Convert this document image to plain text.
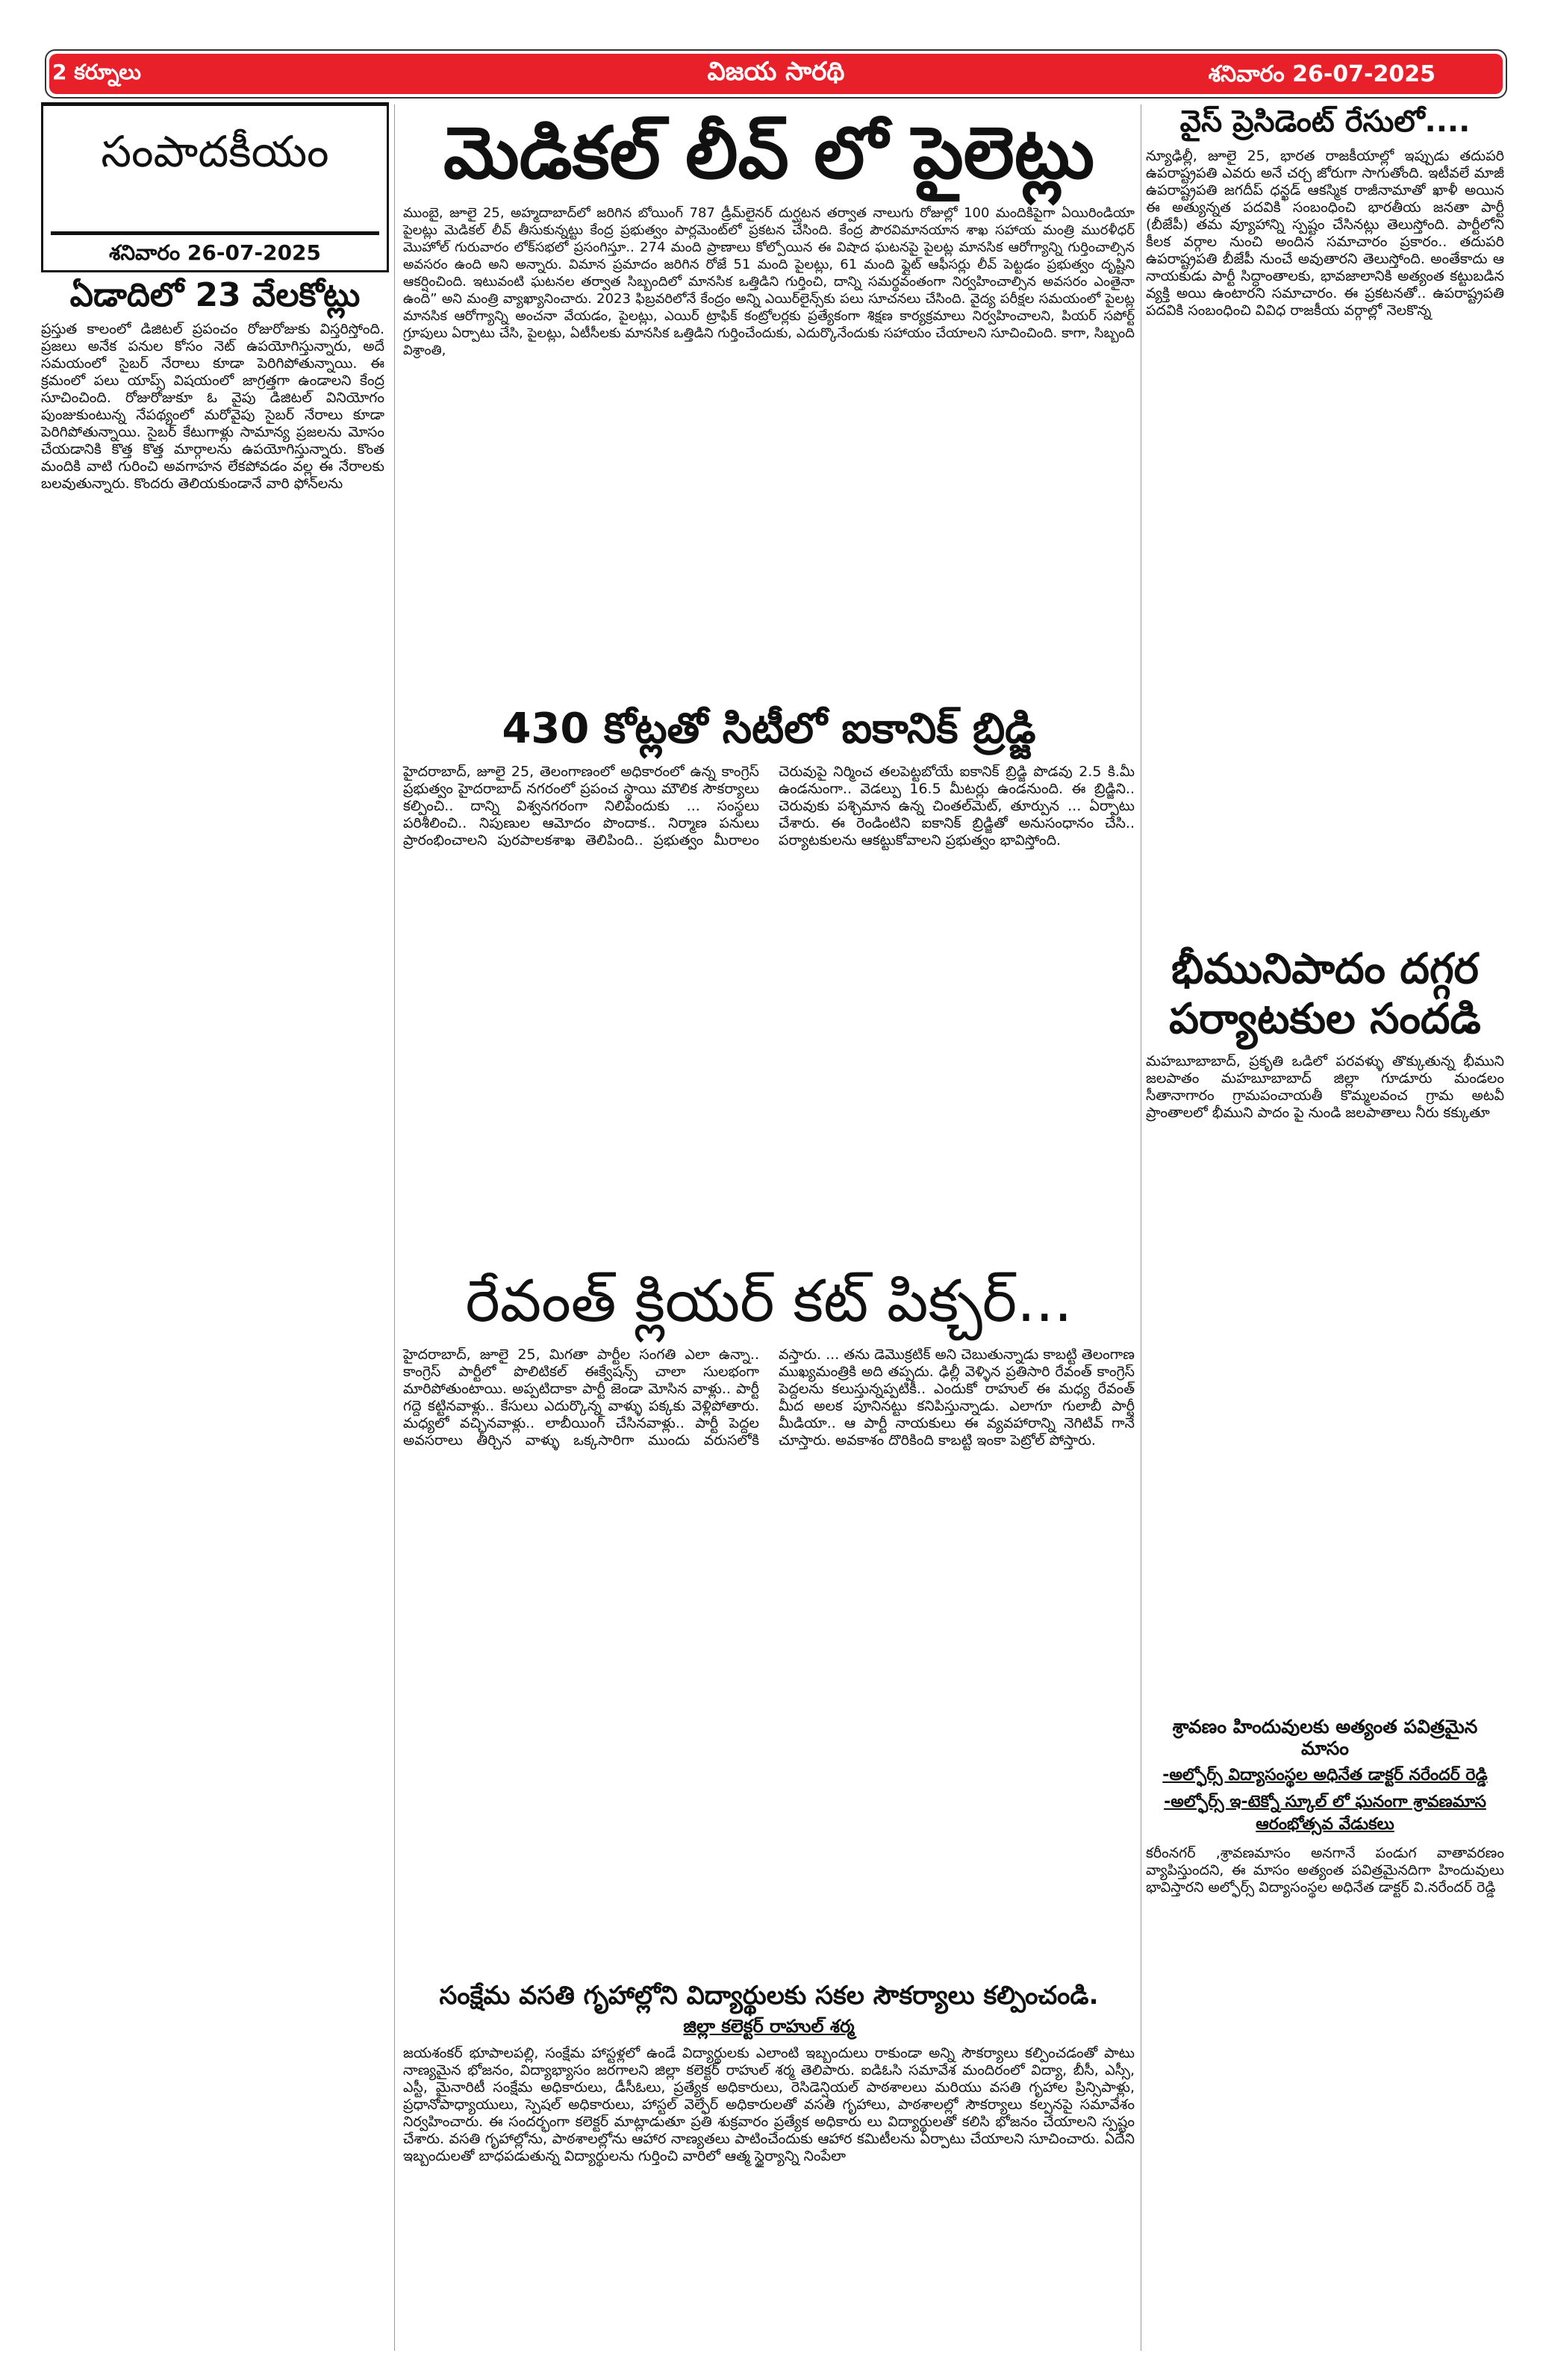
2 కర్నూలు	విజయ సారథి	శనివారం 26-07-2025
సంపాదకీయం
శనివారం 26-07-2025
ఏడాదిలో 23 వేలకోట్లు
ప్రస్తుత కాలంలో డిజిటల్ ప్రపంచం రోజురోజుకు విస్తరిస్తోంది. ప్రజలు అనేక పనుల కోసం నెట్ ఉపయోగిస్తున్నారు, అదే సమయంలో సైబర్ నేరాలు కూడా పెరిగిపోతున్నాయి. ఈ క్రమంలో పలు యాప్స్ విషయంలో జాగ్రత్తగా ఉండాలని కేంద్ర సూచించింది. రోజురోజుకూ ఓ వైపు డిజిటల్ వినియోగం పుంజుకుంటున్న నేపథ్యంలో మరోవైపు సైబర్ నేరాలు కూడా పెరిగిపోతున్నాయి. సైబర్ కేటుగాళ్లు సామాన్య ప్రజలను మోసం చేయడానికి కొత్త కొత్త మార్గాలను ఉపయోగిస్తున్నారు. కొంత మందికి వాటి గురించి అవగాహన లేకపోవడం వల్ల ఈ నేరాలకు బలవుతున్నారు. కొందరు తెలియకుండానే వారి ఫోన్‌లను
మెడికల్ లీవ్ లో పైలెట్లు
ముంబై, జూలై 25, అహ్మదాబాద్‌లో జరిగిన బోయింగ్ 787 డ్రీమ్‌లైనర్ దుర్ఘటన తర్వాత నాలుగు రోజుల్లో 100 మందికిపైగా ఏయిరిండియా పైలట్లు మెడికల్ లీవ్ తీసుకున్నట్టు కేంద్ర ప్రభుత్వం పార్లమెంట్‌లో ప్రకటన చేసింది. కేంద్ర పౌరవిమానయాన శాఖ సహాయ మంత్రి మురళీధర్ మొహోల్ గురువారం లోక్‌సభలో ప్రసంగిస్తూ.. 274 మంది ప్రాణాలు కోల్పోయిన ఈ విషాద ఘటనపై పైలట్ల మానసిక ఆరోగ్యాన్ని గుర్తించాల్సిన అవసరం ఉంది అని అన్నారు. విమాన ప్రమాదం జరిగిన రోజే 51 మంది పైలట్లు, 61 మంది ఫ్లైట్ ఆఫీసర్లు లీవ్ పెట్టడం ప్రభుత్వం దృష్టిని ఆకర్షించింది. ఇటువంటి ఘటనల తర్వాత సిబ్బందిలో మానసిక ఒత్తిడిని గుర్తించి, దాన్ని సమర్థవంతంగా నిర్వహించాల్సిన అవసరం ఎంతైనా ఉంది” అని మంత్రి వ్యాఖ్యానించారు. 2023 ఫిబ్రవరిలోనే కేంద్రం అన్ని ఎయిర్‌లైన్స్‌కు పలు సూచనలు చేసింది. వైద్య పరీక్షల సమయంలో పైలట్ల మానసిక ఆరోగ్యాన్ని అంచనా వేయడం, పైలట్లు, ఎయిర్ ట్రాఫిక్ కంట్రోలర్లకు ప్రత్యేకంగా శిక్షణ కార్యక్రమాలు నిర్వహించాలని, పియర్ సపోర్ట్ గ్రూపులు ఏర్పాటు చేసి, పైలట్లు, ఏటీసీలకు మానసిక ఒత్తిడిని గుర్తించేందుకు, ఎదుర్కొనేందుకు సహాయం చేయాలని సూచించింది. కాగా, సిబ్బంది విశ్రాంతి,
430 కోట్లతో సిటీలో ఐకానిక్ బ్రిడ్జి
హైదరాబాద్, జూలై 25, తెలంగాణంలో అధికారంలో ఉన్న కాంగ్రెస్ ప్రభుత్వం హైదరాబాద్ నగరంలో ప్రపంచ స్థాయి మౌలిక సౌకర్యాలు కల్పించి.. దాన్ని విశ్వనగరంగా నిలిపేందుకు ... సంస్థలు పరిశీలించి.. నిపుణుల ఆమోదం పొందాక.. నిర్మాణ పనులు ప్రారంభించాలని పురపాలకశాఖ తెలిపింది.. ప్రభుత్వం మీరాలం చెరువుపై నిర్మించ తలపెట్టబోయే ఐకానిక్ బ్రిడ్జి పొడవు 2.5 కి.మీ ఉండనుంగా.. వెడల్పు 16.5 మీటర్లు ఉండనుంది. ఈ బ్రిడ్జిని.. చెరువుకు పశ్చిమాన ఉన్న చింతల్‌మెట్, తూర్పున ... ఏర్పాటు చేశారు. ఈ రెండింటిని ఐకానిక్ బ్రిడ్జితో అనుసంధానం చేసి.. పర్యాటకులను ఆకట్టుకోవాలని ప్రభుత్వం భావిస్తోంది.
రేవంత్ క్లియర్ కట్ పిక్చర్...
హైదరాబాద్, జూలై 25, మిగతా పార్టీల సంగతి ఎలా ఉన్నా.. కాంగ్రెస్ పార్టీలో పొలిటికల్ ఈక్వేషన్స్ చాలా సులభంగా మారిపోతుంటాయి. అప్పటిదాకా పార్టీ జెండా మోసిన వాళ్లు.. పార్టీ గద్దె కట్టినవాళ్లు.. కేసులు ఎదుర్కొన్న వాళ్ళు పక్కకు వెళ్లిపోతారు. మధ్యలో వచ్చినవాళ్లు.. లాబీయింగ్ చేసినవాళ్లు.. పార్టీ పెద్దల అవసరాలు తీర్చిన వాళ్ళు ఒక్కసారిగా ముందు వరుసలోకి వస్తారు. ... తను డెమొక్రటిక్ అని చెబుతున్నాడు కాబట్టి తెలంగాణ ముఖ్యమంత్రికి అది తప్పదు. ఢిల్లీ వెళ్ళిన ప్రతిసారి రేవంత్ కాంగ్రెస్ పెద్దలను కలుస్తున్నప్పటికీ.. ఎందుకో రాహుల్ ఈ మధ్య రేవంత్ మీద అలక పూనినట్టు కనిపిస్తున్నాడు. ఎలాగూ గులాబీ పార్టీ మీడియా.. ఆ పార్టీ నాయకులు ఈ వ్యవహారాన్ని నెగిటివ్ గానే చూస్తారు. అవకాశం దొరికింది కాబట్టి ఇంకా పెట్రోల్ పోస్తారు.
సంక్షేమ వసతి గృహాల్లోని విద్యార్థులకు సకల సౌకర్యాలు కల్పించండి.
జిల్లా కలెక్టర్ రాహుల్ శర్మ
జయశంకర్ భూపాలపల్లి, సంక్షేమ హాస్టళ్లలో ఉండే విద్యార్థులకు ఎలాంటి ఇబ్బందులు రాకుండా అన్ని సౌకర్యాలు కల్పించడంతో పాటు నాణ్యమైన భోజనం, విద్యాభ్యాసం జరగాలని జిల్లా కలెక్టర్ రాహుల్ శర్మ తెలిపారు. ఐడిఓసి సమావేశ మందిరంలో విద్యా, బీసీ, ఎస్సీ, ఎస్టీ, మైనారిటీ సంక్షేమ అధికారులు, డీసీఓలు, ప్రత్యేక అధికారులు, రెసిడెన్షియల్ పాఠశాలలు మరియు వసతి గృహాల ప్రిన్సిపాళ్లు, ప్రధానోపాధ్యాయులు, స్పెషల్ అధికారులు, హాస్టల్ వెల్ఫేర్ అధికారులతో వసతి గృహాలు, పాఠశాలల్లో సౌకర్యాలు కల్పనపై సమావేశం నిర్వహించారు. ఈ సందర్భంగా కలెక్టర్ మాట్లాడుతూ ప్రతి శుక్రవారం ప్రత్యేక అధికారు లు విద్యార్థులతో కలిసి భోజనం చేయాలని స్పష్టం చేశారు. వసతి గృహాల్లోను, పాఠశాలల్లోను ఆహార నాణ్యతలు పాటించేందుకు ఆహార కమిటీలను ఏర్పాటు చేయాలని సూచించారు. ఏదేని ఇబ్బందులతో బాధపడుతున్న విద్యార్థులను గుర్తించి వారిలో ఆత్మ స్థైర్యాన్ని నింపేలా
వైస్ ప్రెసిడెంట్ రేసులో....
న్యూఢిల్లీ, జూలై 25, భారత రాజకీయాల్లో ఇప్పుడు తదుపరి ఉపరాష్ట్రపతి ఎవరు అనే చర్చ జోరుగా సాగుతోంది. ఇటీవలే మాజీ ఉపరాష్ట్రపతి జగదీప్ ధన్ఖడ్ ఆకస్మిక రాజీనామాతో ఖాళీ అయిన ఈ అత్యున్నత పదవికి సంబంధించి భారతీయ జనతా పార్టీ (బీజేపీ) తమ వ్యూహాన్ని స్పష్టం చేసినట్లు తెలుస్తోంది. పార్టీలోని కీలక వర్గాల నుంచి అందిన సమాచారం ప్రకారం.. తదుపరి ఉపరాష్ట్రపతి బీజేపీ నుంచే అవుతారని తెలుస్తోంది. అంతేకాదు ఆ నాయకుడు పార్టీ సిద్ధాంతాలకు, భావజాలానికి అత్యంత కట్టుబడిన వ్యక్తి అయి ఉంటారని సమాచారం. ఈ ప్రకటనతో.. ఉపరాష్ట్రపతి పదవికి సంబంధించి వివిధ రాజకీయ వర్గాల్లో నెలకొన్న
భీమునిపాదం దగ్గర పర్యాటకుల సందడి
మహబూబాబాద్, ప్రకృతి ఒడిలో పరవళ్ళు తొక్కుతున్న భీముని జలపాతం మహబూబాబాద్ జిల్లా గూడూరు మండలం సీతానాగారం గ్రామపంచాయతీ కొమ్మలవంచ గ్రామ అటవీ ప్రాంతాలలో భీముని పాదం పై నుండి జలపాతాలు నీరు కక్కుతూ
శ్రావణం హిందువులకు అత్యంత పవిత్రమైన మాసం
-అల్ఫోర్స్ విద్యాసంస్థల అధినేత డాక్టర్ నరేందర్ రెడ్డి
-అల్ఫోర్స్ ఇ-టెక్నో స్కూల్ లో ఘనంగా శ్రావణమాస ఆరంభోత్సవ వేడుకలు
కరీంనగర్ ,శ్రావణమాసం అనగానే పండుగ వాతావరణం వ్యాపిస్తుందని, ఈ మాసం అత్యంత పవిత్రమైనదిగా హిందువులు భావిస్తారని అల్ఫోర్స్ విద్యాసంస్థల అధినేత డాక్టర్ వి.నరేందర్ రెడ్డి
